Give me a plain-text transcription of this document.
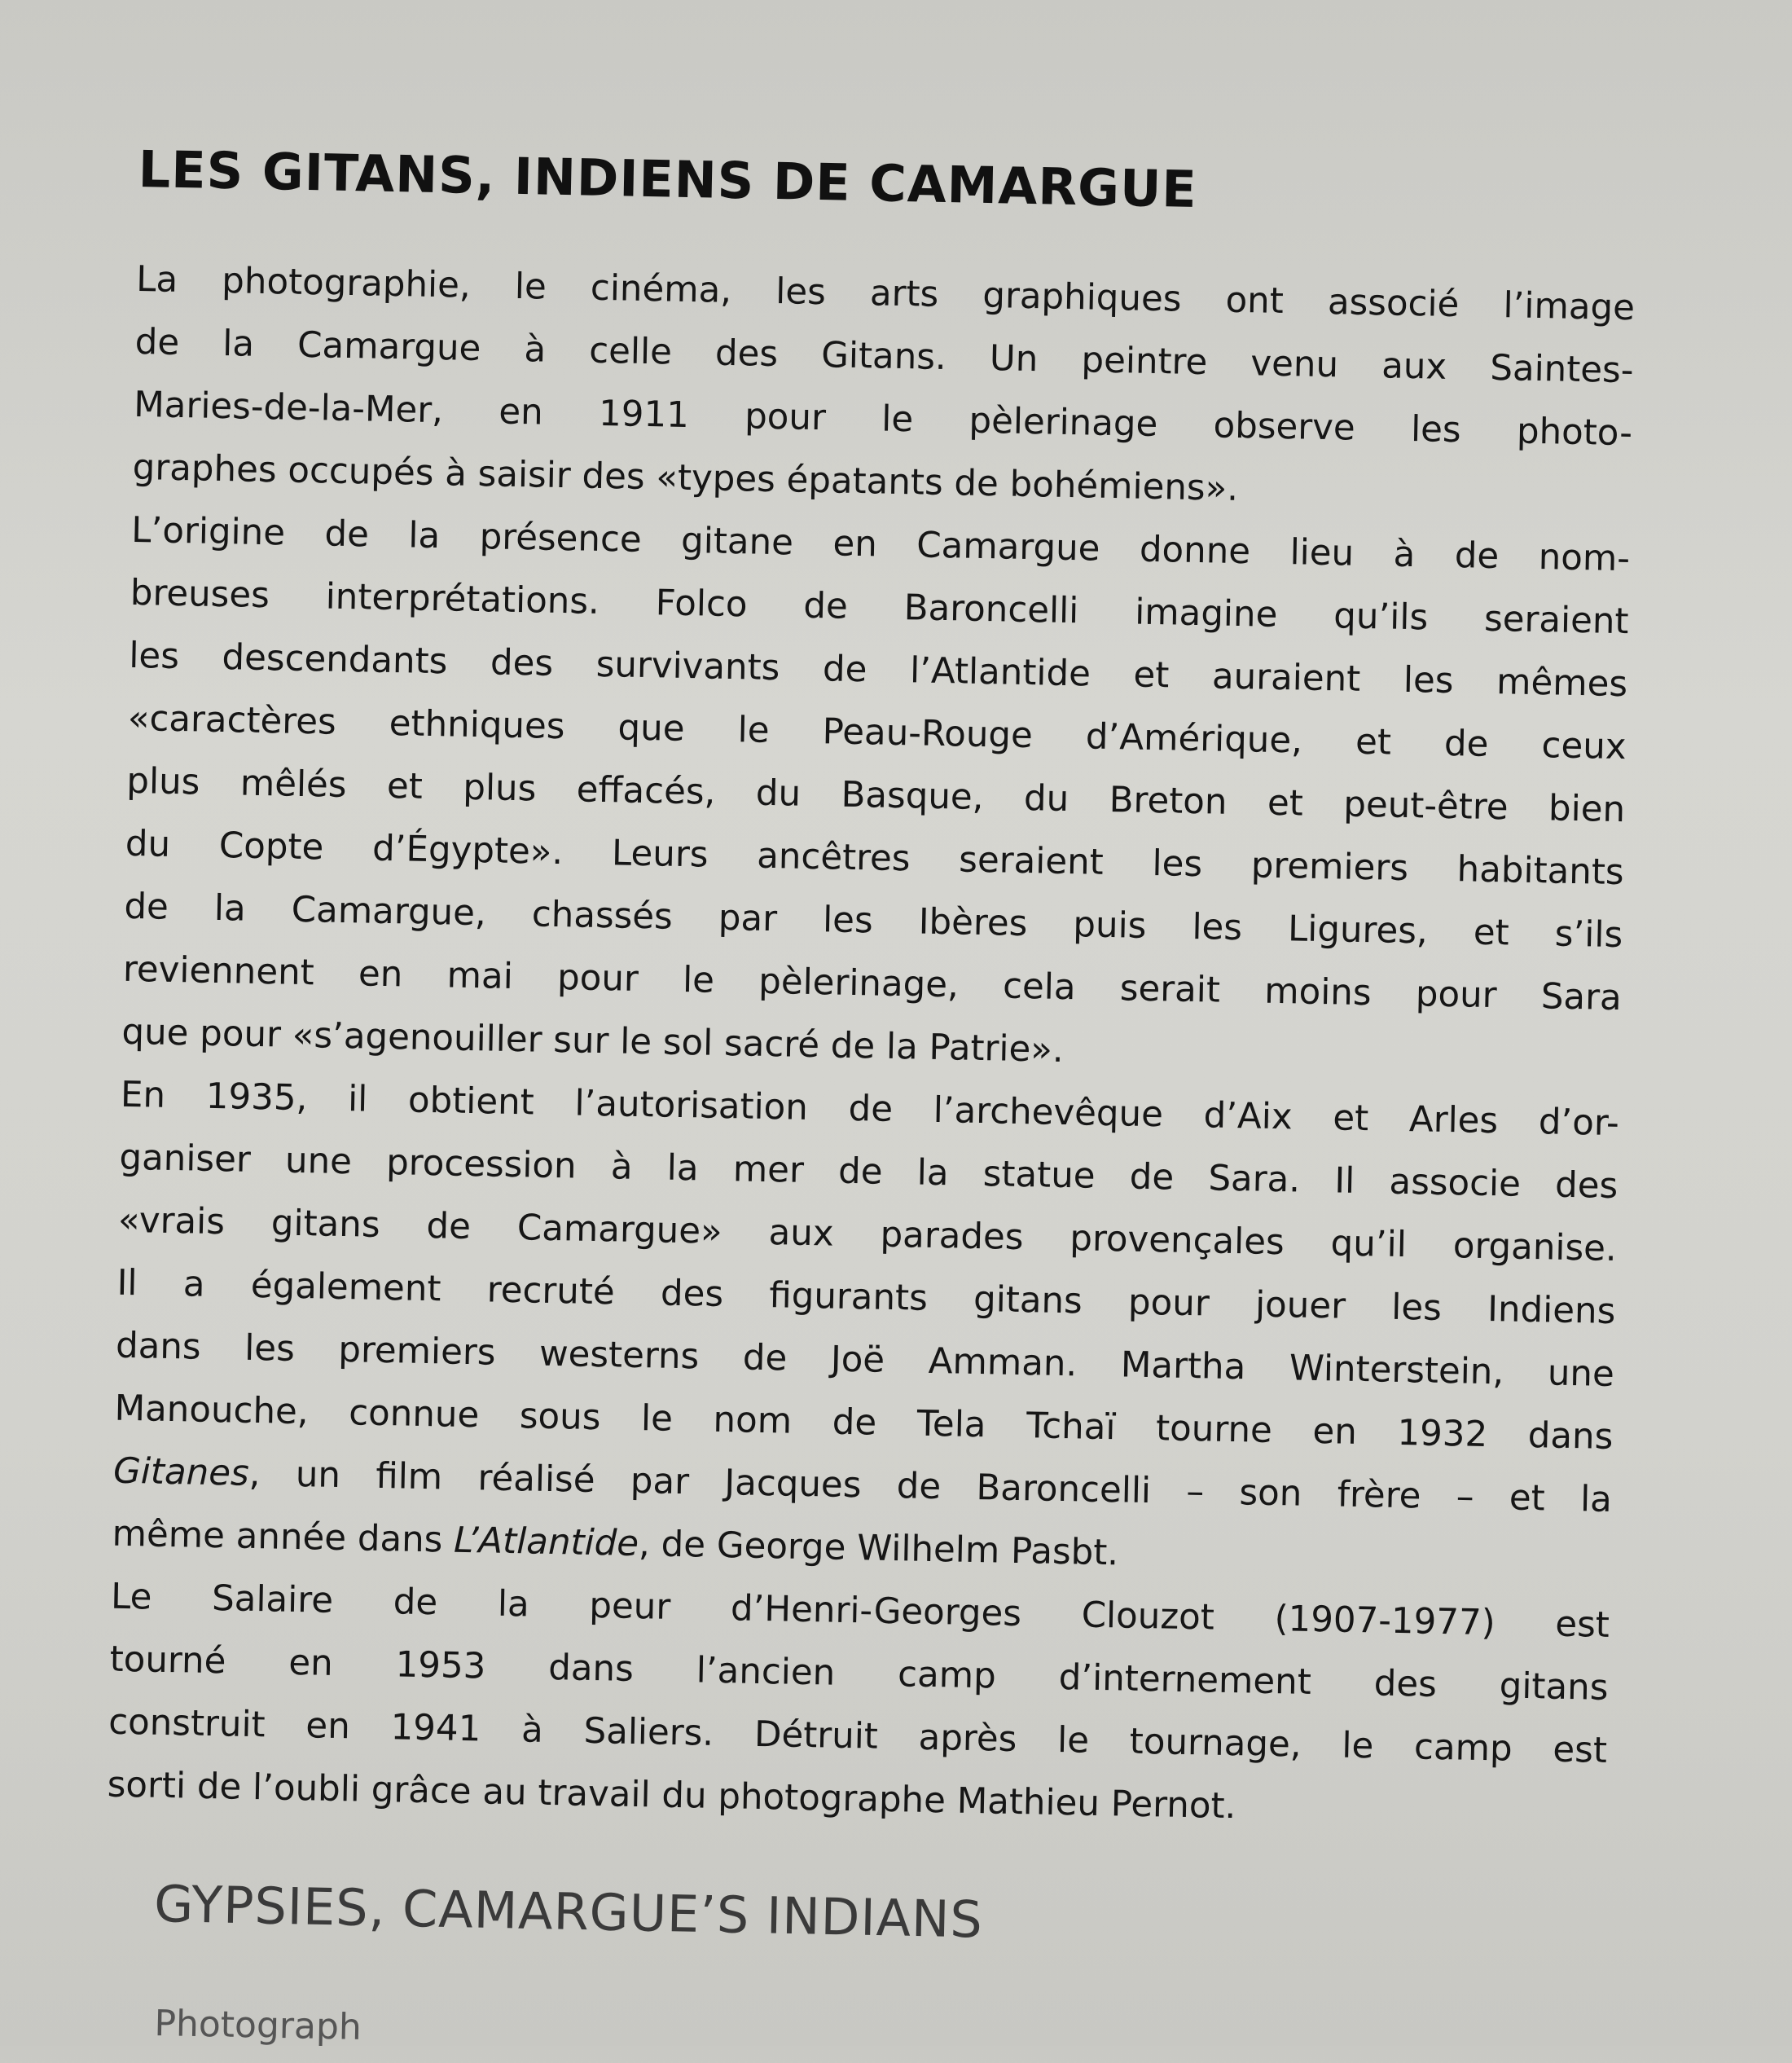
LES GITANS, INDIENS DE CAMARGUE

La photographie, le cinéma, les arts graphiques ont associé l’image
de la Camargue à celle des Gitans. Un peintre venu aux Saintes-
Maries-de-la-Mer, en 1911 pour le pèlerinage observe les photo-
graphes occupés à saisir des «types épatants de bohémiens».

L’origine de la présence gitane en Camargue donne lieu à de nom-
breuses interprétations. Folco de Baroncelli imagine qu’ils seraient
les descendants des survivants de l’Atlantide et auraient les mêmes
«caractères ethniques que le Peau-Rouge d’Amérique, et de ceux
plus mêlés et plus effacés, du Basque, du Breton et peut-être bien
du Copte d’Égypte». Leurs ancêtres seraient les premiers habitants
de la Camargue, chassés par les Ibères puis les Ligures, et s’ils
reviennent en mai pour le pèlerinage, cela serait moins pour Sara
que pour «s’agenouiller sur le sol sacré de la Patrie».

En 1935, il obtient l’autorisation de l’archevêque d’Aix et Arles d’or-
ganiser une procession à la mer de la statue de Sara. Il associe des
«vrais gitans de Camargue» aux parades provençales qu’il organise.
Il a également recruté des figurants gitans pour jouer les Indiens
dans les premiers westerns de Joë Amman. Martha Winterstein, une
Manouche, connue sous le nom de Tela Tchaï tourne en 1932 dans
Gitanes, un film réalisé par Jacques de Baroncelli – son frère – et la
même année dans L’Atlantide, de George Wilhelm Pasbt.

Le Salaire de la peur d’Henri-Georges Clouzot (1907-1977) est
tourné en 1953 dans l’ancien camp d’internement des gitans
construit en 1941 à Saliers. Détruit après le tournage, le camp est
sorti de l’oubli grâce au travail du photographe Mathieu Pernot.

GYPSIES, CAMARGUE’S INDIANS

Photograph
